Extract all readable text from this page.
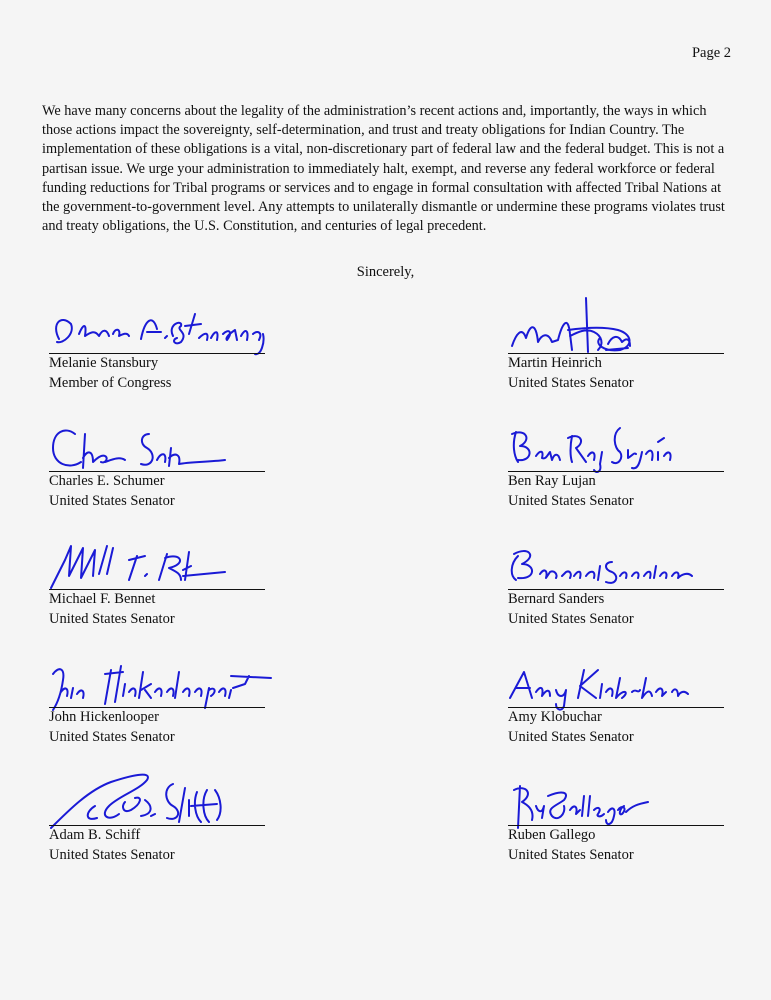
Page 2

We have many concerns about the legality of the administration’s recent actions and, importantly, the ways in which those actions impact the sovereignty, self-determination, and trust and treaty obligations for Indian Country. The implementation of these obligations is a vital, non-discretionary part of federal law and the federal budget. This is not a partisan issue. We urge your administration to immediately halt, exempt, and reverse any federal workforce or federal funding reductions for Tribal programs or services and to engage in formal consultation with affected Tribal Nations at the government-to-government level. Any attempts to unilaterally dismantle or undermine these programs violates trust and treaty obligations, the U.S. Constitution, and centuries of legal precedent.

Sincerely,
Melanie Stansbury
Member of Congress
Martin Heinrich
United States Senator
Charles E. Schumer
United States Senator
Ben Ray Lujan
United States Senator
Michael F. Bennet
United States Senator
Bernard Sanders
United States Senator
John Hickenlooper
United States Senator
Amy Klobuchar
United States Senator
Adam B. Schiff
United States Senator
Ruben Gallego
United States Senator
